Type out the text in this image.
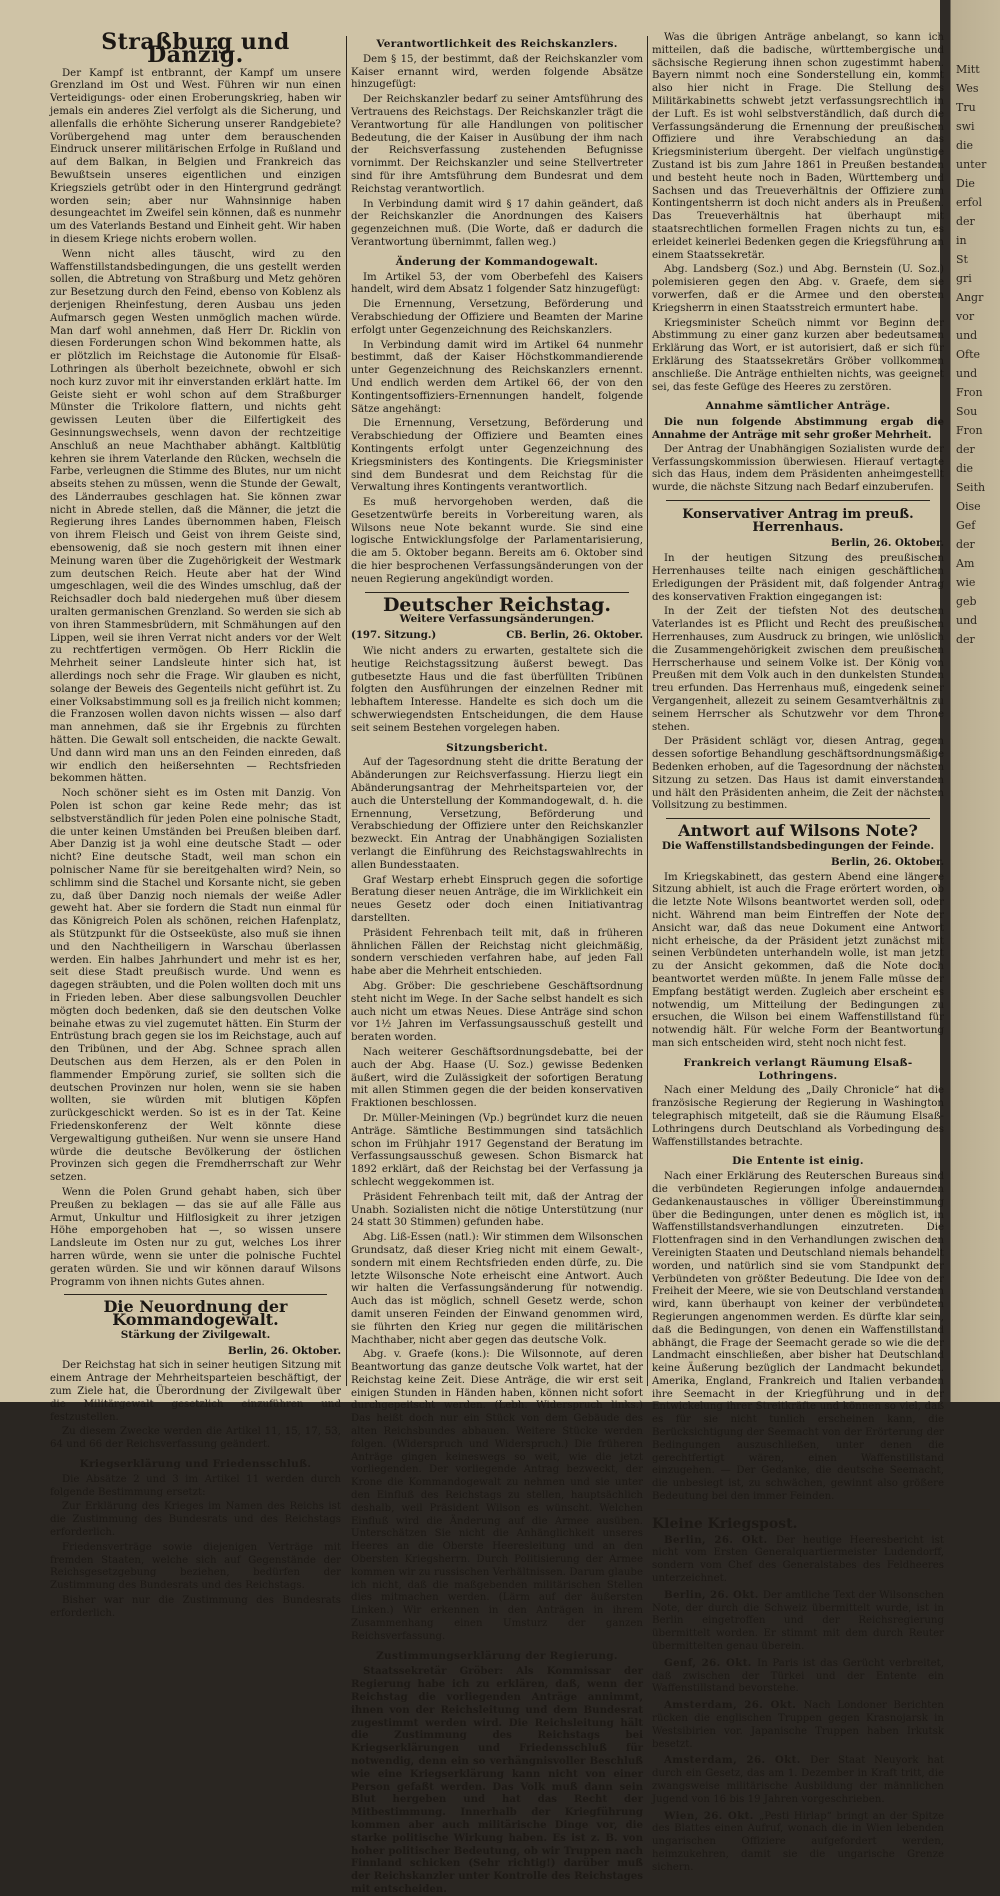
Mitt
Wes
Tru
swi
die
unter
Die
erfol
der
in
St
gri
Angr
vor
und
Ofte
und
Fron
Sou
Fron
der
die
Seith
Oise
Gef
der
Am
wie
geb
und
der
Straßburg und Danzig.

Der Kampf ist entbrannt, der Kampf um unsere Grenzland im Ost und West. Führen wir nun einen Verteidigungs- oder einen Eroberungskrieg, haben wir jemals ein anderes Ziel verfolgt als die Sicherung, und allenfalls die erhöhte Sicherung unserer Randgebiete? Vorübergehend mag unter dem berauschenden Eindruck unserer militärischen Erfolge in Rußland und auf dem Balkan, in Belgien und Frankreich das Bewußtsein unseres eigentlichen und einzigen Kriegsziels getrübt oder in den Hintergrund gedrängt worden sein; aber nur Wahnsinnige haben desungeachtet im Zweifel sein können, daß es nunmehr um des Vaterlands Bestand und Einheit geht. Wir haben in diesem Kriege nichts erobern wollen.

Wenn nicht alles täuscht, wird zu den Waffenstillstandsbedingungen, die uns gestellt werden sollen, die Abtretung von Straßburg und Metz gehören zur Besetzung durch den Feind, ebenso von Koblenz als derjenigen Rheinfestung, deren Ausbau uns jeden Aufmarsch gegen Westen unmöglich machen würde. Man darf wohl annehmen, daß Herr Dr. Ricklin von diesen Forderungen schon Wind bekommen hatte, als er plötzlich im Reichstage die Autonomie für Elsaß-Lothringen als überholt bezeichnete, obwohl er sich noch kurz zuvor mit ihr einverstanden erklärt hatte. Im Geiste sieht er wohl schon auf dem Straßburger Münster die Trikolore flattern, und nichts geht gewissen Leuten über die Eilfertigkeit des Gesinnungswechsels, wenn davon der rechtzeitige Anschluß an neue Machthaber abhängt. Kaltblütig kehren sie ihrem Vaterlande den Rücken, wechseln die Farbe, verleugnen die Stimme des Blutes, nur um nicht abseits stehen zu müssen, wenn die Stunde der Gewalt, des Länderraubes geschlagen hat. Sie können zwar nicht in Abrede stellen, daß die Männer, die jetzt die Regierung ihres Landes übernommen haben, Fleisch von ihrem Fleisch und Geist von ihrem Geiste sind, ebensowenig, daß sie noch gestern mit ihnen einer Meinung waren über die Zugehörigkeit der Westmark zum deutschen Reich. Heute aber hat der Wind umgeschlagen, weil die des Windes umschlug, daß der Reichsadler doch bald niedergehen muß über diesem uralten germanischen Grenzland. So werden sie sich ab von ihren Stammesbrüdern, mit Schmähungen auf den Lippen, weil sie ihren Verrat nicht anders vor der Welt zu rechtfertigen vermögen. Ob Herr Ricklin die Mehrheit seiner Landsleute hinter sich hat, ist allerdings noch sehr die Frage. Wir glauben es nicht, solange der Beweis des Gegenteils nicht geführt ist. Zu einer Volksabstimmung soll es ja freilich nicht kommen; die Franzosen wollen davon nichts wissen — also darf man annehmen, daß sie ihr Ergebnis zu fürchten hätten. Die Gewalt soll entscheiden, die nackte Gewalt. Und dann wird man uns an den Feinden einreden, daß wir endlich den heißersehnten — Rechtsfrieden bekommen hätten.

Noch schöner sieht es im Osten mit Danzig. Von Polen ist schon gar keine Rede mehr; das ist selbstverständlich für jeden Polen eine polnische Stadt, die unter keinen Umständen bei Preußen bleiben darf. Aber Danzig ist ja wohl eine deutsche Stadt — oder nicht? Eine deutsche Stadt, weil man schon ein polnischer Name für sie bereitgehalten wird? Nein, so schlimm sind die Stachel und Korsante nicht, sie geben zu, daß über Danzig noch niemals der weiße Adler geweht hat. Aber sie fordern die Stadt nun einmal für das Königreich Polen als schönen, reichen Hafenplatz, als Stützpunkt für die Ostseeküste, also muß sie ihnen und den Nachtheiligern in Warschau überlassen werden. Ein halbes Jahrhundert und mehr ist es her, seit diese Stadt preußisch wurde. Und wenn es dagegen sträubten, und die Polen wollten doch mit uns in Frieden leben. Aber diese salbungsvollen Deuchler mögten doch bedenken, daß sie den deutschen Volke beinahe etwas zu viel zugemutet hätten. Ein Sturm der Entrüstung brach gegen sie los im Reichstage, auch auf den Tribünen, und der Abg. Schnee sprach allen Deutschen aus dem Herzen, als er den Polen in flammender Empörung zurief, sie sollten sich die deutschen Provinzen nur holen, wenn sie sie haben wollten, sie würden mit blutigen Köpfen zurückgeschickt werden. So ist es in der Tat. Keine Friedenskonferenz der Welt könnte diese Vergewaltigung gutheißen. Nur wenn sie unsere Hand würde die deutsche Bevölkerung der östlichen Provinzen sich gegen die Fremdherrschaft zur Wehr setzen.

Wenn die Polen Grund gehabt haben, sich über Preußen zu beklagen — das sie auf alle Fälle aus Armut, Unkultur und Hilflosigkeit zu ihrer jetzigen Höhe emporgehoben hat —, so wissen unsere Landsleute im Osten nur zu gut, welches Los ihrer harren würde, wenn sie unter die polnische Fuchtel geraten würden. Sie und wir können darauf Wilsons Programm von ihnen nichts Gutes ahnen.

Die Neuordnung der Kommandogewalt.
Stärkung der Zivilgewalt.
Berlin, 26. Oktober.

Der Reichstag hat sich in seiner heutigen Sitzung mit einem Antrage der Mehrheitsparteien beschäftigt, der zum Ziele hat, die Überordnung der Zivilgewalt über die Militärgewalt gesetzlich einzuführen und festzustellen.

Zu diesem Zwecke werden die Artikel 11, 15, 17, 53, 64 und 66 der Reichsverfassung geändert.

Kriegserklärung und Friedensschluß.

Die Absätze 2 und 3 im Artikel 11 werden durch folgende Bestimmung ersetzt:

Zur Erklärung des Krieges im Namen des Reichs ist die Zustimmung des Bundesrats und des Reichstags erforderlich.

Friedensverträge sowie diejenigen Verträge mit fremden Staaten, welche sich auf Gegenstände der Reichsgesetzgebung beziehen, bedürfen der Zustimmung des Bundesrats und des Reichstags.

Bisher war nur die Zustimmung des Bundesrats erforderlich.

Verantwortlichkeit des Reichskanzlers.

Dem § 15, der bestimmt, daß der Reichskanzler vom Kaiser ernannt wird, werden folgende Absätze hinzugefügt:

Der Reichskanzler bedarf zu seiner Amtsführung des Vertrauens des Reichstags. Der Reichskanzler trägt die Verantwortung für alle Handlungen von politischer Bedeutung, die der Kaiser in Ausübung der ihm nach der Reichsverfassung zustehenden Befugnisse vornimmt. Der Reichskanzler und seine Stellvertreter sind für ihre Amtsführung dem Bundesrat und dem Reichstag verantwortlich.

In Verbindung damit wird § 17 dahin geändert, daß der Reichskanzler die Anordnungen des Kaisers gegenzeichnen muß. (Die Worte, daß er dadurch die Verantwortung übernimmt, fallen weg.)

Änderung der Kommandogewalt.

Im Artikel 53, der vom Oberbefehl des Kaisers handelt, wird dem Absatz 1 folgender Satz hinzugefügt:

Die Ernennung, Versetzung, Beförderung und Verabschiedung der Offiziere und Beamten der Marine erfolgt unter Gegenzeichnung des Reichskanzlers.

In Verbindung damit wird im Artikel 64 nunmehr bestimmt, daß der Kaiser Höchstkommandierende unter Gegenzeichnung des Reichskanzlers ernennt. Und endlich werden dem Artikel 66, der von den Kontingentsoffiziers-Ernennungen handelt, folgende Sätze angehängt:

Die Ernennung, Versetzung, Beförderung und Verabschiedung der Offiziere und Beamten eines Kontingents erfolgt unter Gegenzeichnung des Kriegsministers des Kontingents. Die Kriegsminister sind dem Bundesrat und dem Reichstag für die Verwaltung ihres Kontingents verantwortlich.

Es muß hervorgehoben werden, daß die Gesetzentwürfe bereits in Vorbereitung waren, als Wilsons neue Note bekannt wurde. Sie sind eine logische Entwicklungsfolge der Parlamentarisierung, die am 5. Oktober begann. Bereits am 6. Oktober sind die hier besprochenen Verfassungsänderungen von der neuen Regierung angekündigt worden.

Deutscher Reichstag.
Weitere Verfassungsänderungen.
(197. Sitzung.)	CB. Berlin, 26. Oktober.

Wie nicht anders zu erwarten, gestaltete sich die heutige Reichstagssitzung äußerst bewegt. Das gutbesetzte Haus und die fast überfüllten Tribünen folgten den Ausführungen der einzelnen Redner mit lebhaftem Interesse. Handelte es sich doch um die schwerwiegendsten Entscheidungen, die dem Hause seit seinem Bestehen vorgelegen haben.

Sitzungsbericht.

Auf der Tagesordnung steht die dritte Beratung der Abänderungen zur Reichsverfassung. Hierzu liegt ein Abänderungsantrag der Mehrheitsparteien vor, der auch die Unterstellung der Kommandogewalt, d. h. die Ernennung, Versetzung, Beförderung und Verabschiedung der Offiziere unter den Reichskanzler bezweckt. Ein Antrag der Unabhängigen Sozialisten verlangt die Einführung des Reichstagswahlrechts in allen Bundesstaaten.

Graf Westarp erhebt Einspruch gegen die sofortige Beratung dieser neuen Anträge, die im Wirklichkeit ein neues Gesetz oder doch einen Initiativantrag darstellten.

Präsident Fehrenbach teilt mit, daß in früheren ähnlichen Fällen der Reichstag nicht gleichmäßig, sondern verschieden verfahren habe, auf jeden Fall habe aber die Mehrheit entschieden.

Abg. Gröber: Die geschriebene Geschäftsordnung steht nicht im Wege. In der Sache selbst handelt es sich auch nicht um etwas Neues. Diese Anträge sind schon vor 1½ Jahren im Verfassungsausschuß gestellt und beraten worden.

Nach weiterer Geschäftsordnungsdebatte, bei der auch der Abg. Haase (U. Soz.) gewisse Bedenken äußert, wird die Zulässigkeit der sofortigen Beratung mit allen Stimmen gegen die der beiden konservativen Fraktionen beschlossen.

Dr. Müller-Meiningen (Vp.) begründet kurz die neuen Anträge. Sämtliche Bestimmungen sind tatsächlich schon im Frühjahr 1917 Gegenstand der Beratung im Verfassungsausschuß gewesen. Schon Bismarck hat 1892 erklärt, daß der Reichstag bei der Verfassung ja schlecht weggekommen ist.

Präsident Fehrenbach teilt mit, daß der Antrag der Unabh. Sozialisten nicht die nötige Unterstützung (nur 24 statt 30 Stimmen) gefunden habe.

Abg. Liß-Essen (natl.): Wir stimmen dem Wilsonschen Grundsatz, daß dieser Krieg nicht mit einem Gewalt-, sondern mit einem Rechtsfrieden enden dürfe, zu. Die letzte Wilsonsche Note erheischt eine Antwort. Auch wir halten die Verfassungsänderung für notwendig. Auch das ist möglich, schnell Gesetz werde, schon damit unseren Feinden der Einwand genommen wird, sie führten den Krieg nur gegen die militärischen Machthaber, nicht aber gegen das deutsche Volk.

Abg. v. Graefe (kons.): Die Wilsonnote, auf deren Beantwortung das ganze deutsche Volk wartet, hat der Reichstag keine Zeit. Diese Anträge, die wir erst seit einigen Stunden in Händen haben, können nicht sofort durchgepeitscht werden. (Lebh. Widerspruch links.) Das heißt doch nur ein Stück von dem Gebäude des alten Reichsbundes abbauen. Weitere Stücke werden folgen. (Widerspruch und Widerspruch.) Die früheren Anträge gingen keineswegs so weit, wie die jetzt vorliegenden. Der vorliegende Antrag bezweckt, der Krone die Kommandogewalt zu nehmen und sie unter den Einfluß des Reichstags zu stellen, hauptsächlich deshalb, weil Präsident Wilson es wünscht. Welchen Einfluß wird die Änderung auf die Armee ausüben. Unterschätzen Sie nicht die Anhänglichkeit unseres Heeres an die Oberste Heeresleitung und an den Obersten Kriegsherrn. Durch Politisierung der Armee kommen wir zu russischen Verhältnissen. Darum glaube ich nicht, daß die maßgebenden militärischen Stellen dies mitmachen werden. (Lärm auf der äußersten Linken.) Wir erkennen in den Anträgen in ihrem Zusammenhang einen Umsturz der ganzen Reichsverfassung.

Zustimmungserklärung der Regierung.

Staatssekretär Gröber: Als Kommissar der Regierung habe ich zu erklären, daß, wenn der Reichstag die vorliegenden Anträge annimmt, ihnen von der Reichsleitung und dem Bundesrat zugestimmt werden wird. Die Reichsleitung hält die Zustimmung des Reichstags bei Kriegserklärungen und Friedensschluß für notwendig, denn ein so verhängnisvoller Beschluß wie eine Kriegserklärung kann nicht von einer Person gefaßt werden. Das Volk muß dann sein Blut hergeben und hat das Recht der Mitbestimmung. Innerhalb der Kriegführung kommen aber auch militärische Dinge vor, die starke politische Wirkung haben. Es ist z. B. von hoher politischer Bedeutung, ob wir Truppen nach Finnland schicken (Sehr richtig!) darüber muß der Reichskanzler unter Kontrolle des Reichstages mit entscheiden.

Was die übrigen Anträge anbelangt, so kann ich mitteilen, daß die badische, württembergische und sächsische Regierung ihnen schon zugestimmt haben. Bayern nimmt noch eine Sonderstellung ein, kommt also hier nicht in Frage. Die Stellung des Militärkabinetts schwebt jetzt verfassungsrechtlich in der Luft. Es ist wohl selbstverständlich, daß durch die Verfassungsänderung die Ernennung der preußischen Offiziere und ihre Verabschiedung an das Kriegsministerium übergeht. Der vielfach ungünstige Zustand ist bis zum Jahre 1861 in Preußen bestanden und besteht heute noch in Baden, Württemberg und Sachsen und das Treueverhältnis der Offiziere zum Kontingentsherrn ist doch nicht anders als in Preußen. Das Treueverhältnis hat überhaupt mit staatsrechtlichen formellen Fragen nichts zu tun, es erleidet keinerlei Bedenken gegen die Kriegsführung an einem Staatssekretär.

Abg. Landsberg (Soz.) und Abg. Bernstein (U. Soz.) polemisieren gegen den Abg. v. Graefe, dem sie vorwerfen, daß er die Armee und den obersten Kriegsherrn in einen Staatsstreich ermuntert habe.

Kriegsminister Scheüch nimmt vor Beginn der Abstimmung zu einer ganz kurzen aber bedeutsamen Erklärung das Wort, er ist autorisiert, daß er sich für Erklärung des Staatssekretärs Gröber vollkommen anschließe. Die Anträge enthielten nichts, was geeignet sei, das feste Gefüge des Heeres zu zerstören.

Annahme sämtlicher Anträge.

Die nun folgende Abstimmung ergab die Annahme der Anträge mit sehr großer Mehrheit.

Der Antrag der Unabhängigen Sozialisten wurde der Verfassungskommission überwiesen. Hierauf vertagte sich das Haus, indem dem Präsidenten anheimgestellt wurde, die nächste Sitzung nach Bedarf einzuberufen.

Konservativer Antrag im preuß. Herrenhaus.
Berlin, 26. Oktober.

In der heutigen Sitzung des preußischen Herrenhauses teilte nach einigen geschäftlichen Erledigungen der Präsident mit, daß folgender Antrag des konservativen Fraktion eingegangen ist:

In der Zeit der tiefsten Not des deutschen Vaterlandes ist es Pflicht und Recht des preußischen Herrenhauses, zum Ausdruck zu bringen, wie unlöslich die Zusammengehörigkeit zwischen dem preußischen Herrscherhause und seinem Volke ist. Der König von Preußen mit dem Volk auch in den dunkelsten Stunden treu erfunden. Das Herrenhaus muß, eingedenk seiner Vergangenheit, allezeit zu seinem Gesamtverhältnis zu seinem Herrscher als Schutzwehr vor dem Throne stehen.

Der Präsident schlägt vor, diesen Antrag, gegen dessen sofortige Behandlung geschäftsordnungsmäßige Bedenken erhoben, auf die Tagesordnung der nächsten Sitzung zu setzen. Das Haus ist damit einverstanden und hält den Präsidenten anheim, die Zeit der nächsten Vollsitzung zu bestimmen.

Antwort auf Wilsons Note?
Die Waffenstillstandsbedingungen der Feinde.
Berlin, 26. Oktober.

Im Kriegskabinett, das gestern Abend eine längere Sitzung abhielt, ist auch die Frage erörtert worden, ob die letzte Note Wilsons beantwortet werden soll, oder nicht. Während man beim Eintreffen der Note der Ansicht war, daß das neue Dokument eine Antwort nicht erheische, da der Präsident jetzt zunächst mit seinen Verbündeten unterhandeln wolle, ist man jetzt zu der Ansicht gekommen, daß die Note doch beantwortet werden müßte. In jenem Falle müsse der Empfang bestätigt werden. Zugleich aber erscheint es notwendig, um Mitteilung der Bedingungen zu ersuchen, die Wilson bei einem Waffenstillstand für notwendig hält. Für welche Form der Beantwortung man sich entscheiden wird, steht noch nicht fest.

Frankreich verlangt Räumung Elsaß-Lothringens.

Nach einer Meldung des „Daily Chronicle“ hat die französische Regierung der Regierung in Washington telegraphisch mitgeteilt, daß sie die Räumung Elsaß-Lothringens durch Deutschland als Vorbedingung des Waffenstillstandes betrachte.

Die Entente ist einig.

Nach einer Erklärung des Reuterschen Bureaus sind die verbündeten Regierungen infolge andauernden Gedankenaustausches in völliger Übereinstimmung über die Bedingungen, unter denen es möglich ist, in Waffenstillstandsverhandlungen einzutreten. Die Flottenfragen sind in den Verhandlungen zwischen den Vereinigten Staaten und Deutschland niemals behandelt worden, und natürlich sind sie vom Standpunkt der Verbündeten von größter Bedeutung. Die Idee von der Freiheit der Meere, wie sie von Deutschland verstanden wird, kann überhaupt von keiner der verbündeten Regierungen angenommen werden. Es dürfte klar sein, daß die Bedingungen, von denen ein Waffenstillstand abhängt, die Frage der Seemacht gerade so wie die der Landmacht einschließen, aber bisher hat Deutschland keine Äußerung bezüglich der Landmacht bekundet. Amerika, England, Frankreich und Italien verbanden ihre Seemacht in der Kriegführung und in der Entwickelung ihrer Streitkräfte und können so viel, daß es für sie nicht tunlich erscheinen kann, die Berücksichtigung der Seemacht von der Erörterung der Bedingungen auszuschließen, unter denen die gerechtfertigt wären, einen Waffenstillstand einzugehen. — Der Gedanke, die deutsche Seemacht, die unbesiegt ist, zu schwächen, gewinnt also größere Bedeutung bei den immer Feinden.

Kleine Kriegspost.

Berlin, 26. Okt. Der heutige Heeresbericht ist nicht vom Ersten Generalquartiermeister Ludendorff, sondern vom Chef des Generalstabes des Feldheeres unterzeichnet.

Berlin, 26. Okt. Der amtliche Text der Wilsonschen Note, der durch die Schweiz übermittelt wurde, ist in Berlin eingetroffen und der Reichsregierung übermittelt worden. Er stimmt mit dem durch Reuter übermittelten genau überein.

Genf, 26. Okt. In Paris ist das Gerücht verbreitet, daß zwischen der Türkei und der Entente ein Waffenstillstand bevorstehe.

Amsterdam, 26. Okt. Nach Londoner Berichten rücken die englischen Truppen gegen Krasnojarsk in Westsibirien vor. Japanische Truppen haben Irkutsk besetzt.

Amsterdam, 26. Okt. Der Staat Neuyork hat durch ein Gesetz, das am 1. Dezember in Kraft tritt, die zwangsweise militärische Ausbildung der männlichen Jugend von 16 bis 19 Jahren vorgeschrieben.

Wien, 26. Okt. „Pesti Hirlap“ bringt an der Spitze des Blattes einen Aufruf, wonach die in Wien lebenden ungarischen Offiziere aufgefordert werden, heimzukehren, damit sie die ungarische Grenze sichern.
